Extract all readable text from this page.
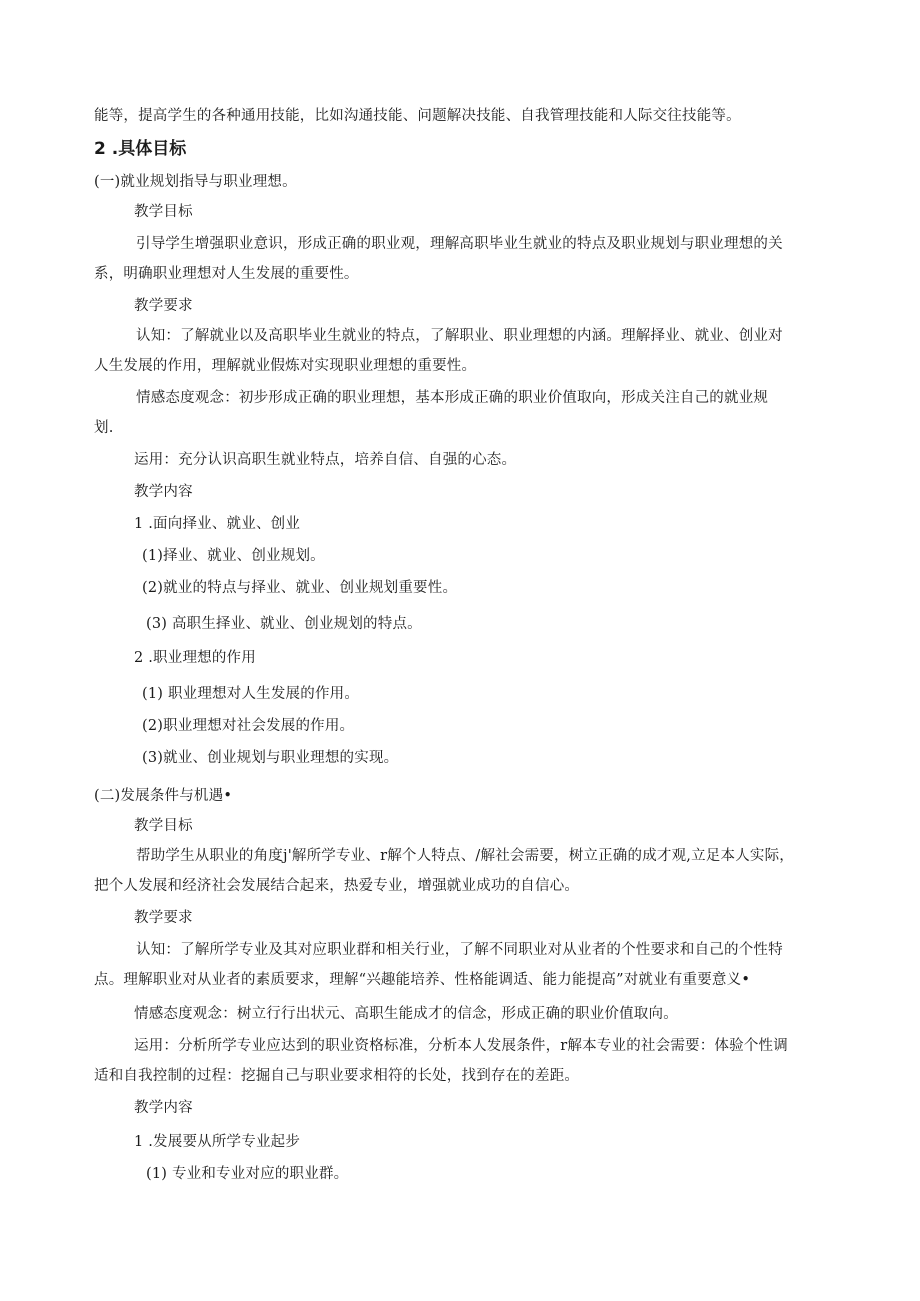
能等，提高学生的各种通用技能，比如沟通技能、问题解决技能、自我管理技能和人际交往技能等。
2 .具体目标
(一)就业规划指导与职业理想。
教学目标
引导学生增强职业意识，形成正确的职业观，理解高职毕业生就业的特点及职业规划与职业理想的关
系，明确职业理想对人生发展的重要性。
教学要求
认知：了解就业以及高职毕业生就业的特点，了解职业、职业理想的内涵。理解择业、就业、创业对
人生发展的作用，理解就业假炼对实现职业理想的重要性。
情感态度观念：初步形成正确的职业理想，基本形成正确的职业价值取向，形成关注自己的就业规
划.
运用：充分认识高职生就业特点，培养自信、自强的心态。
教学内容
1 .面向择业、就业、创业
(1)择业、就业、创业规划。
(2)就业的特点与择业、就业、创业规划重要性。
(3) 高职生择业、就业、创业规划的特点。
2 .职业理想的作用
(1) 职业理想对人生发展的作用。
(2)职业理想对社会发展的作用。
(3)就业、创业规划与职业理想的实现。
(二)发展条件与机遇•
教学目标
帮助学生从职业的角度j'解所学专业、r解个人特点、/解社会需要，树立正确的成才观,立足本人实际，
把个人发展和经济社会发展结合起来，热爱专业，增强就业成功的自信心。
教学要求
认知：了解所学专业及其对应职业群和相关行业，了解不同职业对从业者的个性要求和自己的个性特
点。理解职业对从业者的素质要求，理解“兴趣能培养、性格能调适、能力能提高”对就业有重要意义•
情感态度观念：树立行行出状元、高职生能成才的信念，形成正确的职业价值取向。
运用：分析所学专业应达到的职业资格标准，分析本人发展条件，r解本专业的社会需要：体验个性调
适和自我控制的过程：挖掘自己与职业要求相符的长处，找到存在的差距。
教学内容
1 .发展要从所学专业起步
(1) 专业和专业对应的职业群。
